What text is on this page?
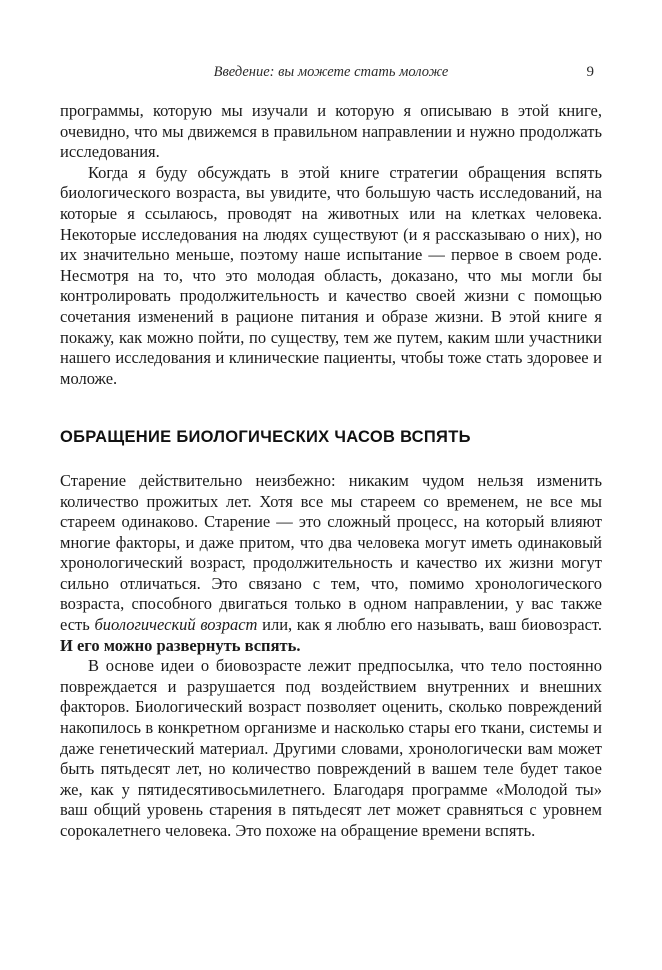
Введение: вы можете стать моложе	9

программы, которую мы изучали и которую я описываю в этой книге, очевидно, что мы движемся в правильном направлении и нужно продолжать исследования.

Когда я буду обсуждать в этой книге стратегии обращения вспять биологического возраста, вы увидите, что большую часть исследований, на которые я ссылаюсь, проводят на животных или на клетках человека. Некоторые исследования на людях существуют (и я рассказываю о них), но их значительно меньше, поэтому наше испытание — первое в своем роде. Несмотря на то, что это молодая область, доказано, что мы могли бы контролировать продолжительность и качество своей жизни с помощью сочетания изменений в рационе питания и образе жизни. В этой книге я покажу, как можно пойти, по существу, тем же путем, каким шли участники нашего исследования и клинические пациенты, чтобы тоже стать здоровее и моложе.

ОБРАЩЕНИЕ БИОЛОГИЧЕСКИХ ЧАСОВ ВСПЯТЬ

Старение действительно неизбежно: никаким чудом нельзя изменить количество прожитых лет. Хотя все мы стареем со временем, не все мы стареем одинаково. Старение — это сложный процесс, на который влияют многие факторы, и даже притом, что два человека могут иметь одинаковый хронологический возраст, продолжительность и качество их жизни могут сильно отличаться. Это связано с тем, что, помимо хронологического возраста, способного двигаться только в одном направлении, у вас также есть биологический возраст или, как я люблю его называть, ваш биовозраст. И его можно развернуть вспять.

В основе идеи о биовозрасте лежит предпосылка, что тело постоянно повреждается и разрушается под воздействием внутренних и внешних факторов. Биологический возраст позволяет оценить, сколько повреждений накопилось в конкретном организме и насколько стары его ткани, системы и даже генетический материал. Другими словами, хронологически вам может быть пятьдесят лет, но количество повреждений в вашем теле будет такое же, как у пятидесятивосьмилетнего. Благодаря программе «Молодой ты» ваш общий уровень старения в пятьдесят лет может сравняться с уровнем сорокалетнего человека. Это похоже на обращение времени вспять.
